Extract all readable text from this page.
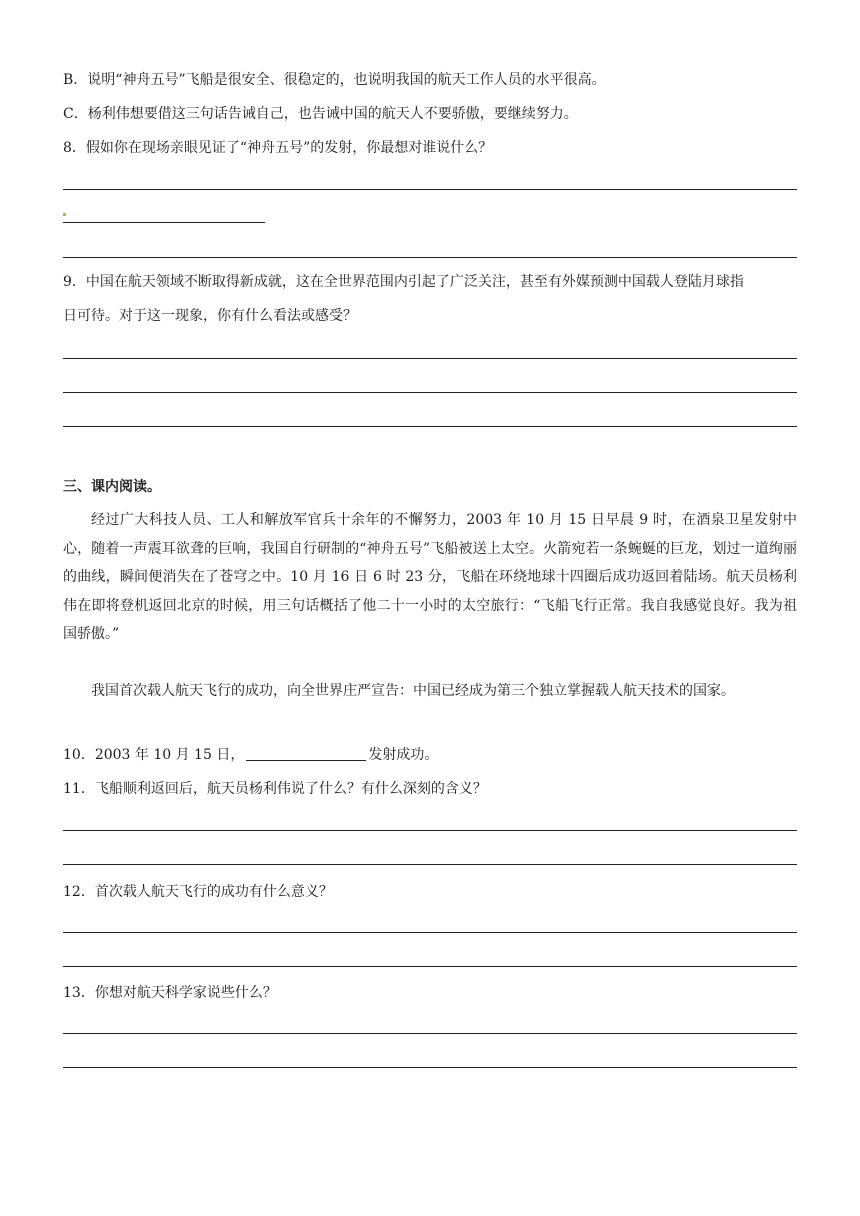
B．说明“神舟五号”飞船是很安全、很稳定的，也说明我国的航天工作人员的水平很高。
C．杨利伟想要借这三句话告诫自己，也告诫中国的航天人不要骄傲，要继续努力。
8．假如你在现场亲眼见证了“神舟五号”的发射，你最想对谁说什么？
9．中国在航天领域不断取得新成就，这在全世界范围内引起了广泛关注，甚至有外媒预测中国载人登陆月球指
日可待。对于这一现象，你有什么看法或感受？
三、课内阅读。
经过广大科技人员、工人和解放军官兵十余年的不懈努力，2003 年 10 月 15 日早晨 9 时，在酒泉卫星发射中心，随着一声震耳欲聋的巨响，我国自行研制的“神舟五号”飞船被送上太空。火箭宛若一条蜿蜒的巨龙，划过一道绚丽的曲线，瞬间便消失在了苍穹之中。10 月 16 日 6 时 23 分，飞船在环绕地球十四圈后成功返回着陆场。航天员杨利伟在即将登机返回北京的时候，用三句话概括了他二十一小时的太空旅行：“飞船飞行正常。我自我感觉良好。我为祖国骄傲。”
我国首次载人航天飞行的成功，向全世界庄严宣告：中国已经成为第三个独立掌握载人航天技术的国家。
10．2003 年 10 月 15 日，	发射成功。
11．飞船顺利返回后，航天员杨利伟说了什么？有什么深刻的含义？
12．首次载人航天飞行的成功有什么意义？
13．你想对航天科学家说些什么？
